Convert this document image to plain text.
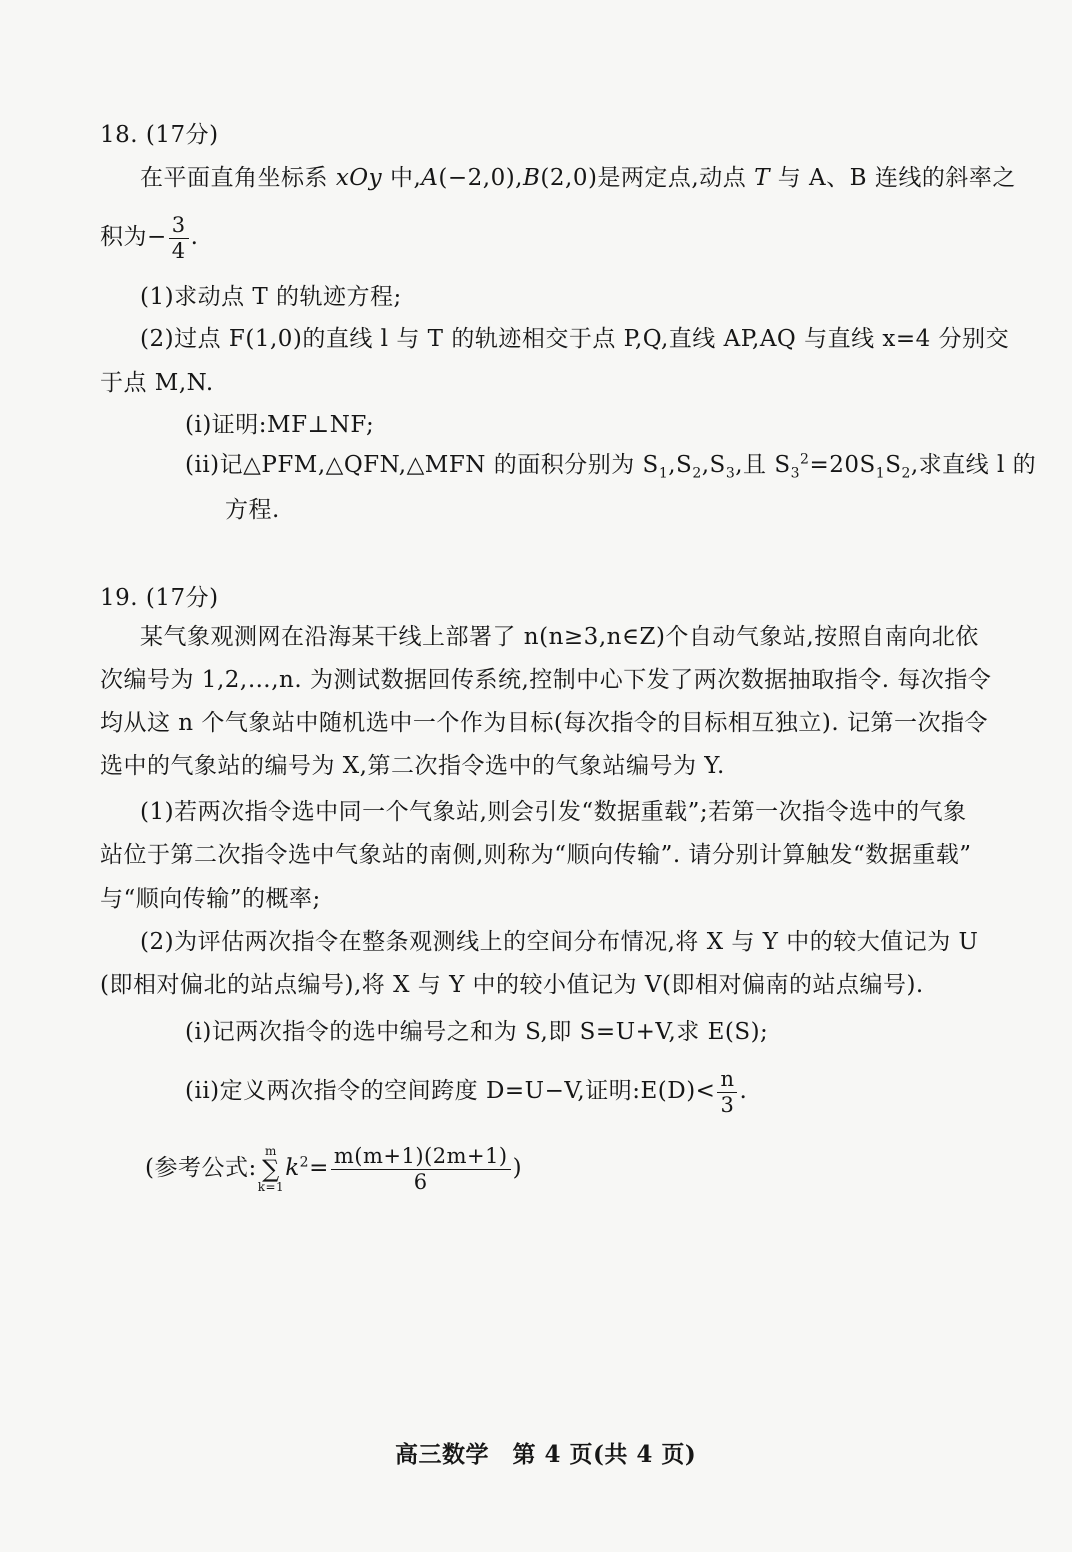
18. (17分)
在平面直角坐标系 xOy 中,A(−2,0),B(2,0)是两定点,动点 T 与 A、B 连线的斜率之
积为− $\frac{3}{4}$ .
(1)求动点 T 的轨迹方程;
(2)过点 F(1,0)的直线 l 与 T 的轨迹相交于点 P,Q,直线 AP,AQ 与直线 x=4 分别交
于点 M,N.
(i)证明:MF⊥NF;
(ii)记△PFM,△QFN,△MFN 的面积分别为 $S_1,S_2,S_3$,且 $S_3^2=20S_1S_2$,求直线 l 的
方程.
19. (17分)
某气象观测网在沿海某干线上部署了 n(n≥3,n∈Z)个自动气象站,按照自南向北依
次编号为 1,2,…,n. 为测试数据回传系统,控制中心下发了两次数据抽取指令. 每次指令
均从这 n 个气象站中随机选中一个作为目标(每次指令的目标相互独立). 记第一次指令
选中的气象站的编号为 X,第二次指令选中的气象站编号为 Y.
(1)若两次指令选中同一个气象站,则会引发“数据重载”;若第一次指令选中的气象
站位于第二次指令选中气象站的南侧,则称为“顺向传输”. 请分别计算触发“数据重载”
与“顺向传输”的概率;
(2)为评估两次指令在整条观测线上的空间分布情况,将 X 与 Y 中的较大值记为 U
(即相对偏北的站点编号),将 X 与 Y 中的较小值记为 V(即相对偏南的站点编号).
(i)记两次指令的选中编号之和为 S,即 S=U+V,求 E(S);
(ii)定义两次指令的空间跨度 D=U−V,证明:E(D)< $\frac{n}{3}$ .
(参考公式:m
∑
$k=1k^2= \frac{m(m+1)(2m+1)}{6}$ )
高三数学　第 4 页(共 4 页)
